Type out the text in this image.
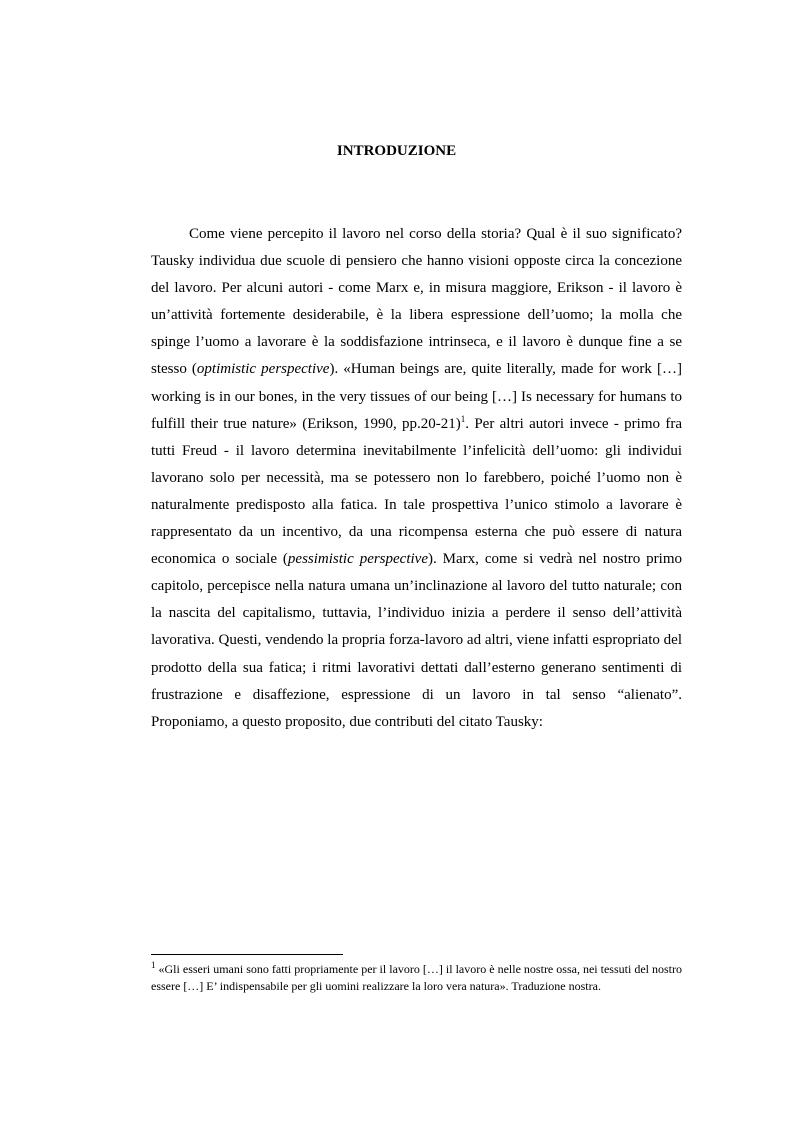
INTRODUZIONE

Come viene percepito il lavoro nel corso della storia? Qual è il suo significato? Tausky individua due scuole di pensiero che hanno visioni opposte circa la concezione del lavoro. Per alcuni autori - come Marx e, in misura maggiore, Erikson - il lavoro è un’attività fortemente desiderabile, è la libera espressione dell’uomo; la molla che spinge l’uomo a lavorare è la soddisfazione intrinseca, e il lavoro è dunque fine a se stesso (optimistic perspective). «Human beings are, quite literally, made for work […] working is in our bones, in the very tissues of our being […] Is necessary for humans to fulfill their true nature» (Erikson, 1990, pp.20-21)$^1$. Per altri autori invece - primo fra tutti Freud - il lavoro determina inevitabilmente l’infelicità dell’uomo: gli individui lavorano solo per necessità, ma se potessero non lo farebbero, poiché l’uomo non è naturalmente predisposto alla fatica. In tale prospettiva l’unico stimolo a lavorare è rappresentato da un incentivo, da una ricompensa esterna che può essere di natura economica o sociale (pessimistic perspective). Marx, come si vedrà nel nostro primo capitolo, percepisce nella natura umana un’inclinazione al lavoro del tutto naturale; con la nascita del capitalismo, tuttavia, l’individuo inizia a perdere il senso dell’attività lavorativa. Questi, vendendo la propria forza-lavoro ad altri, viene infatti espropriato del prodotto della sua fatica; i ritmi lavorativi dettati dall’esterno generano sentimenti di frustrazione e disaffezione, espressione di un lavoro in tal senso “alienato”. Proponiamo, a questo proposito, due contributi del citato Tausky:

$^1$ «Gli esseri umani sono fatti propriamente per il lavoro […] il lavoro è nelle nostre ossa, nei tessuti del nostro essere […] E’ indispensabile per gli uomini realizzare la loro vera natura». Traduzione nostra.
